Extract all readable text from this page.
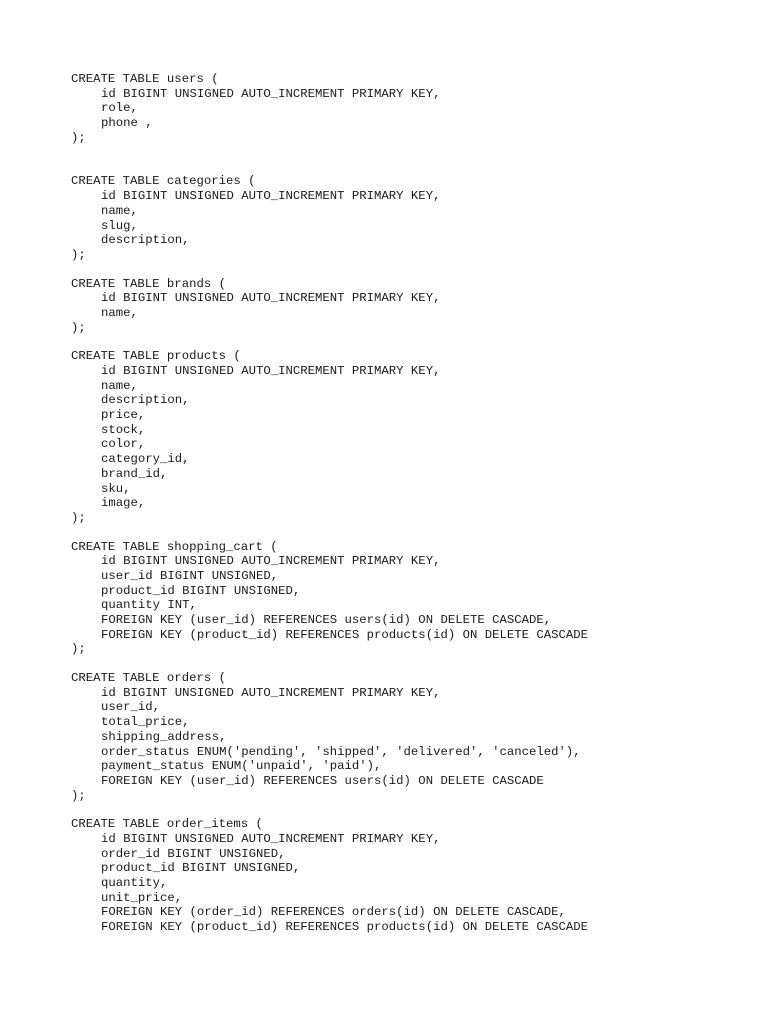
CREATE TABLE users (
id BIGINT UNSIGNED AUTO_INCREMENT PRIMARY KEY,
role,
phone ,
);
CREATE TABLE categories (
id BIGINT UNSIGNED AUTO_INCREMENT PRIMARY KEY,
name,
slug,
description,
);
CREATE TABLE brands (
id BIGINT UNSIGNED AUTO_INCREMENT PRIMARY KEY,
name,
);
CREATE TABLE products (
id BIGINT UNSIGNED AUTO_INCREMENT PRIMARY KEY,
name,
description,
price,
stock,
color,
category_id,
brand_id,
sku,
image,
);
CREATE TABLE shopping_cart (
id BIGINT UNSIGNED AUTO_INCREMENT PRIMARY KEY,
user_id BIGINT UNSIGNED,
product_id BIGINT UNSIGNED,
quantity INT,
FOREIGN KEY (user_id) REFERENCES users(id) ON DELETE CASCADE,
FOREIGN KEY (product_id) REFERENCES products(id) ON DELETE CASCADE
);
CREATE TABLE orders (
id BIGINT UNSIGNED AUTO_INCREMENT PRIMARY KEY,
user_id,
total_price,
shipping_address,
order_status ENUM('pending', 'shipped', 'delivered', 'canceled'),
payment_status ENUM('unpaid', 'paid'),
FOREIGN KEY (user_id) REFERENCES users(id) ON DELETE CASCADE
);
CREATE TABLE order_items (
id BIGINT UNSIGNED AUTO_INCREMENT PRIMARY KEY,
order_id BIGINT UNSIGNED,
product_id BIGINT UNSIGNED,
quantity,
unit_price,
FOREIGN KEY (order_id) REFERENCES orders(id) ON DELETE CASCADE,
FOREIGN KEY (product_id) REFERENCES products(id) ON DELETE CASCADE
